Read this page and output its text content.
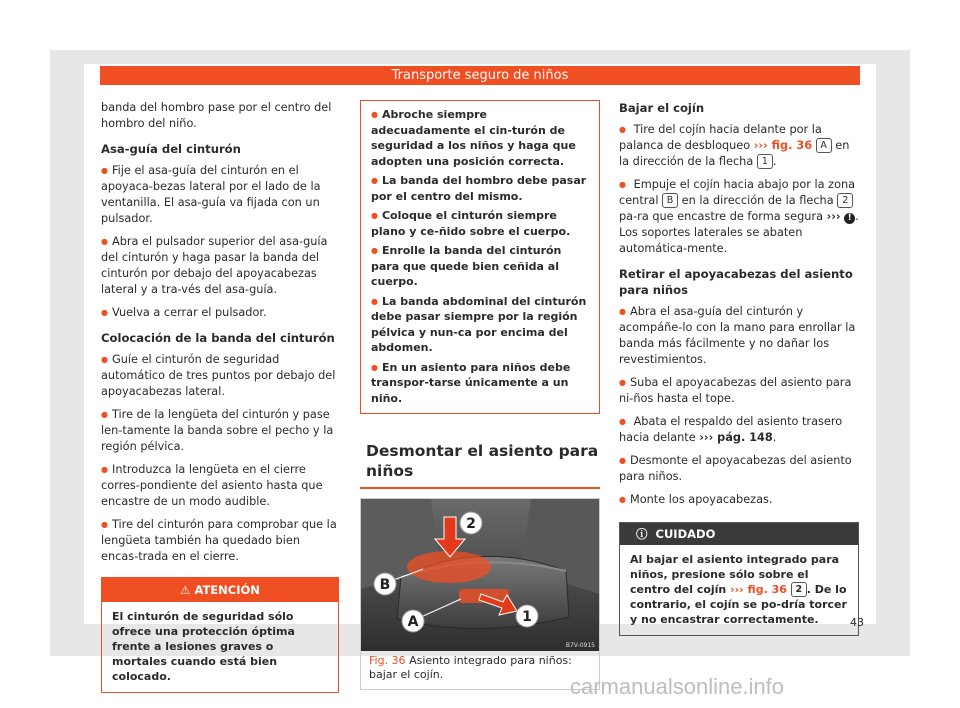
Transporte seguro de niños

banda del hombro pase por el centro del hombro del niño.

Asa-guía del cinturón

● Fije el asa-guía del cinturón en el apoyaca-bezas lateral por el lado de la ventanilla. El asa-guía va fijada con un pulsador.

● Abra el pulsador superior del asa-guía del cinturón y haga pasar la banda del cinturón por debajo del apoyacabezas lateral y a tra-vés del asa-guía.

● Vuelva a cerrar el pulsador.

Colocación de la banda del cinturón

● Guíe el cinturón de seguridad automático de tres puntos por debajo del apoyacabezas lateral.

● Tire de la lengüeta del cinturón y pase len-tamente la banda sobre el pecho y la región pélvica.

● Introduzca la lengüeta en el cierre corres-pondiente del asiento hasta que encastre de un modo audible.

● Tire del cinturón para comprobar que la lengüeta también ha quedado bien encas-trada en el cierre.

⚠ ATENCIÓN
El cinturón de seguridad sólo ofrece una protección óptima frente a lesiones graves o mortales cuando está bien colocado.

● Abroche siempre adecuadamente el cin-turón de seguridad a los niños y haga que adopten una posición correcta.

● La banda del hombro debe pasar por el centro del mismo.

● Coloque el cinturón siempre plano y ce-ñido sobre el cuerpo.

● Enrolle la banda del cinturón para que quede bien ceñida al cuerpo.

● La banda abdominal del cinturón debe pasar siempre por la región pélvica y nun-ca por encima del abdomen.

● En un asiento para niños debe transpor-tarse únicamente a un niño.

Desmontar el asiento para niños
2
B
A	1
B7V-0915
Fig. 36 Asiento integrado para niños: bajar el cojín.
Bajar el cojín

● Tire del cojín hacia delante por la palanca de desbloqueo ››› fig. 36 A en la dirección de la flecha 1 .

● Empuje el cojín hacia abajo por la zona central B en la dirección de la flecha 2 pa-ra que encastre de forma segura ››› ! . Los soportes laterales se abaten automática-mente.

Retirar el apoyacabezas del asiento para niños

● Abra el asa-guía del cinturón y acompáñe-lo con la mano para enrollar la banda más fácilmente y no dañar los revestimientos.

● Suba el apoyacabezas del asiento para ni-ños hasta el tope.

● Abata el respaldo del asiento trasero hacia delante ››› pág. 148.

● Desmonte el apoyacabezas del asiento para niños.

● Monte los apoyacabezas.

ⓘ CUIDADO
Al bajar el asiento integrado para niños, presione sólo sobre el centro del cojín ››› fig. 36 2 . De lo contrario, el cojín se po-dría torcer y no encastrar correctamente.	43
carmanualsonline.info
